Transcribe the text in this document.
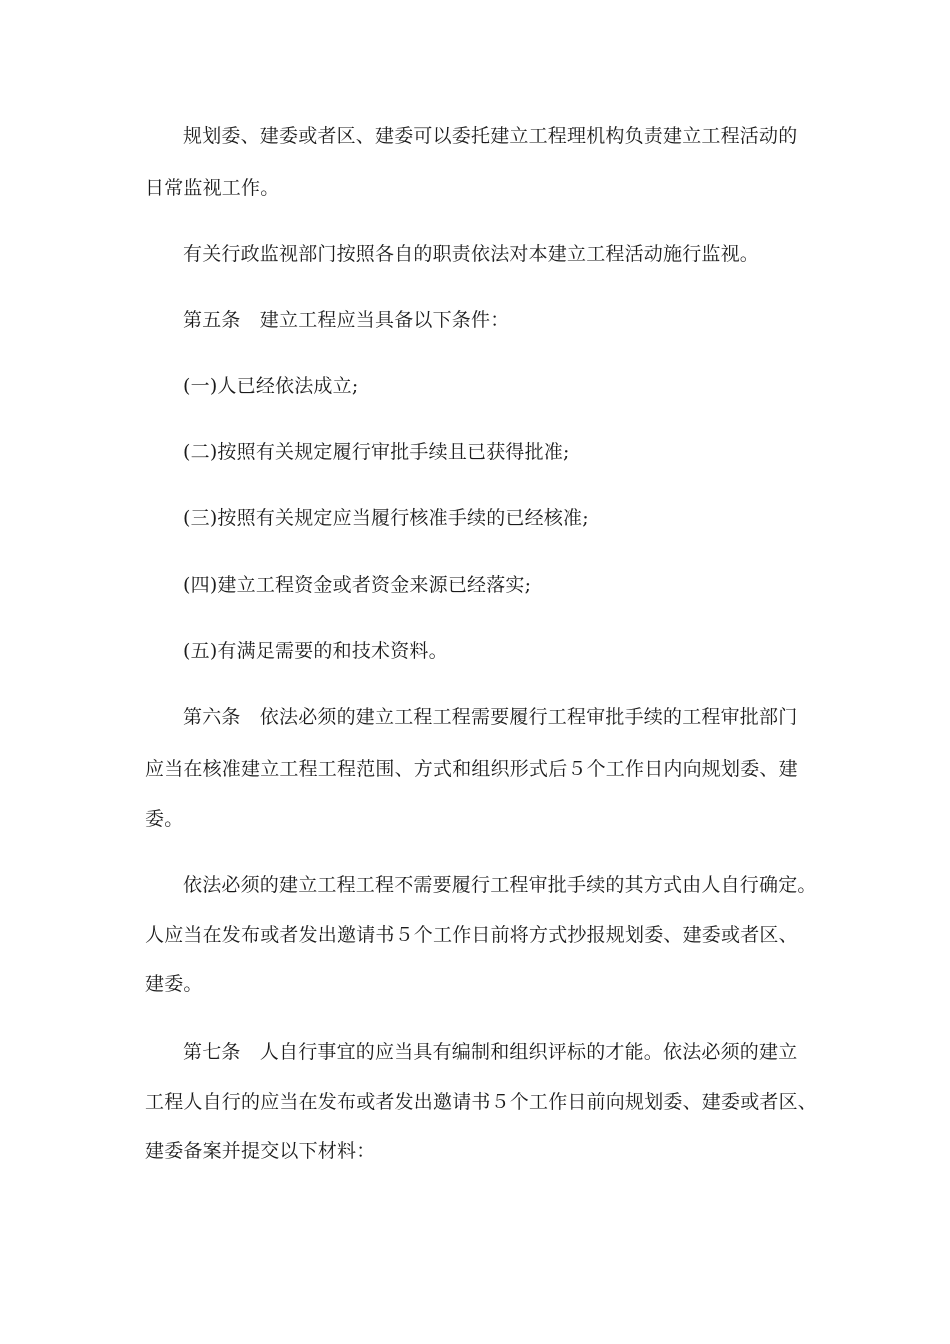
规划委、建委或者区、建委可以委托建立工程理机构负责建立工程活动的
日常监视工作。
有关行政监视部门按照各自的职责依法对本建立工程活动施行监视。
第五条　建立工程应当具备以下条件：
(一)人已经依法成立;
(二)按照有关规定履行审批手续且已获得批准;
(三)按照有关规定应当履行核准手续的已经核准;
(四)建立工程资金或者资金来源已经落实;
(五)有满足需要的和技术资料。
第六条　依法必须的建立工程工程需要履行工程审批手续的工程审批部门
应当在核准建立工程工程范围、方式和组织形式后５个工作日内向规划委、建
委。
依法必须的建立工程工程不需要履行工程审批手续的其方式由人自行确定。
人应当在发布或者发出邀请书５个工作日前将方式抄报规划委、建委或者区、
建委。
第七条　人自行事宜的应当具有编制和组织评标的才能。依法必须的建立
工程人自行的应当在发布或者发出邀请书５个工作日前向规划委、建委或者区、
建委备案并提交以下材料：
